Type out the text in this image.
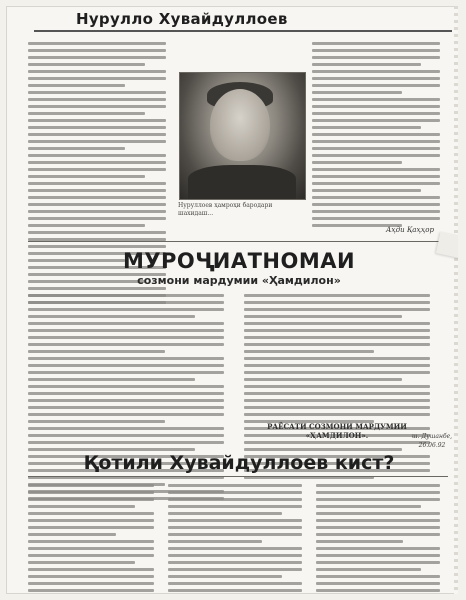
Нурулло Хувайдуллоев
Нуруллоев ҳамроҳи бародари шахидаш...
Аҳди Қаҳҳор
МУРОҶИАТНОМАИ
созмони мардумии «Ҳамдилон»
РАЁСАТИ СОЗМОНИ МАРДУМИИ «ҲАМДИЛОН».	ш. Душанбе, 26.06.92
Қотили Хувайдуллоев кист?
